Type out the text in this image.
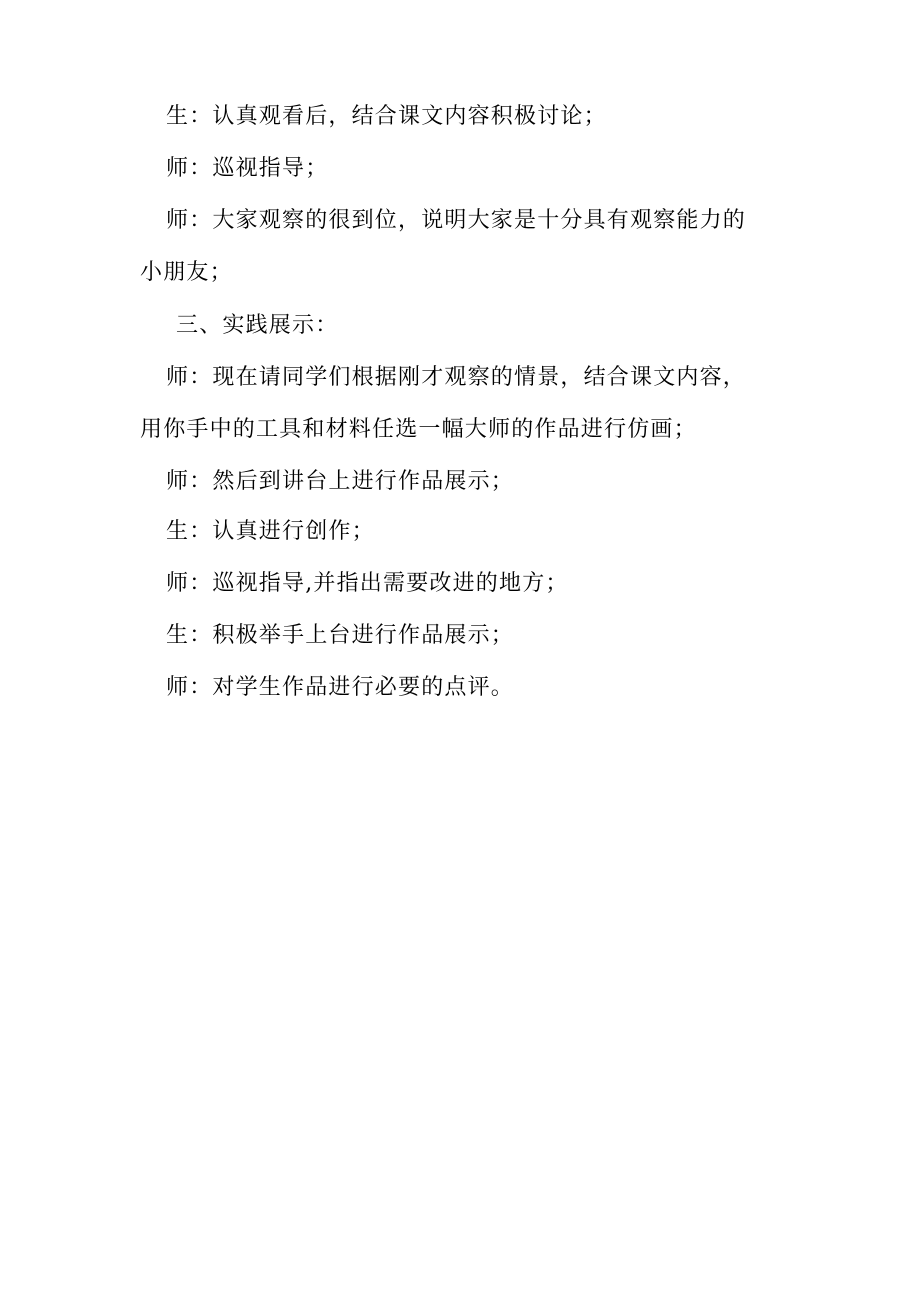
生：认真观看后，结合课文内容积极讨论；
师：巡视指导；
师：大家观察的很到位，说明大家是十分具有观察能力的
小朋友；
三、实践展示：
师：现在请同学们根据刚才观察的情景，结合课文内容，
用你手中的工具和材料任选一幅大师的作品进行仿画；
师：然后到讲台上进行作品展示；
生：认真进行创作；
师：巡视指导,并指出需要改进的地方；
生：积极举手上台进行作品展示；
师：对学生作品进行必要的点评。
